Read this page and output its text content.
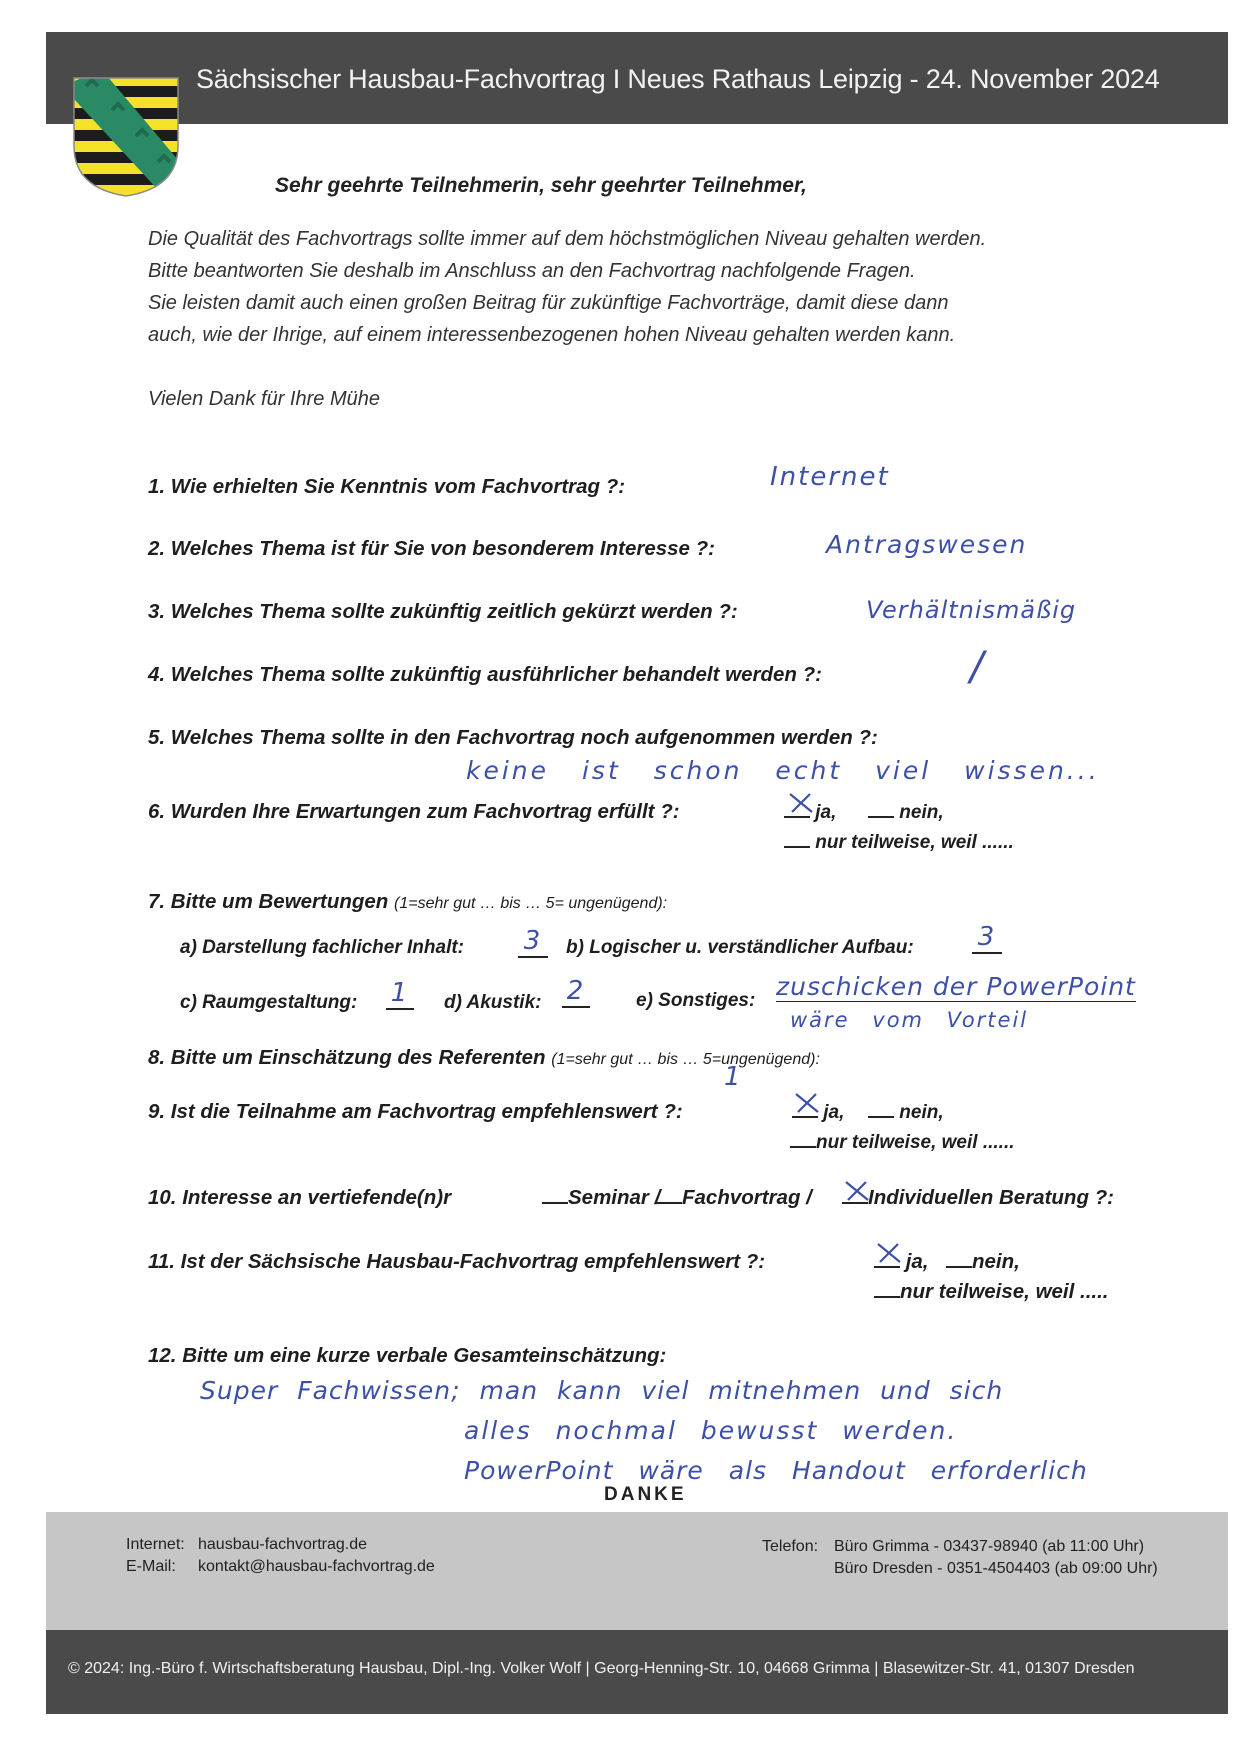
Sächsischer Hausbau-Fachvortrag I Neues Rathaus Leipzig - 24. November 2024
Sehr geehrte Teilnehmerin, sehr geehrter Teilnehmer,
Die Qualität des Fachvortrags sollte immer auf dem höchstmöglichen Niveau gehalten werden.
Bitte beantworten Sie deshalb im Anschluss an den Fachvortrag nachfolgende Fragen.
Sie leisten damit auch einen großen Beitrag für zukünftige Fachvorträge, damit diese dann
auch, wie der Ihrige, auf einem interessenbezogenen hohen Niveau gehalten werden kann.
Vielen Dank für Ihre Mühe
1. Wie erhielten Sie Kenntnis vom Fachvortrag ?:	Internet
2. Welches Thema ist für Sie von besonderem Interesse ?:	Antragswesen
3. Welches Thema sollte zukünftig zeitlich gekürzt werden ?:	Verhältnismäßig
4. Welches Thema sollte zukünftig ausführlicher behandelt werden ?:	/
5. Welches Thema sollte in den Fachvortrag noch aufgenommen werden ?:
keine ist schon echt viel wissen...
6. Wurden Ihre Erwartungen zum Fachvortrag erfüllt ?:	ja,	nein,
nur teilweise, weil ......
7. Bitte um Bewertungen (1=sehr gut … bis … 5= ungenügend):
a) Darstellung fachlicher Inhalt: 3	b) Logischer u. verständlicher Aufbau: 3
c) Raumgestaltung: 1 d) Akustik: 2	e) Sonstiges: zuschicken der PowerPoint
wäre vom Vorteil
8. Bitte um Einschätzung des Referenten (1=sehr gut … bis … 5=ungenügend):
1
9. Ist die Teilnahme am Fachvortrag empfehlenswert ?:	ja,	nein,
nur teilweise, weil ......
10. Interesse an vertiefende(n)r	Seminar /	Fachvortrag /	Individuellen Beratung ?:
11. Ist der Sächsische Hausbau-Fachvortrag empfehlenswert ?:	ja,	nein,
nur teilweise, weil .....
12. Bitte um eine kurze verbale Gesamteinschätzung:
Super Fachwissen; man kann viel mitnehmen und sich
alles nochmal bewusst werden.
PowerPoint wäre als Handout erforderlich
DANKE
Internet: hausbau-fachvortrag.de
E-Mail: kontakt@hausbau-fachvortrag.de
Telefon: Büro Grimma - 03437-98940 (ab 11:00 Uhr)
Büro Dresden - 0351-4504403 (ab 09:00 Uhr)
© 2024: Ing.-Büro f. Wirtschaftsberatung Hausbau, Dipl.-Ing. Volker Wolf | Georg-Henning-Str. 10, 04668 Grimma | Blasewitzer-Str. 41, 01307 Dresden
